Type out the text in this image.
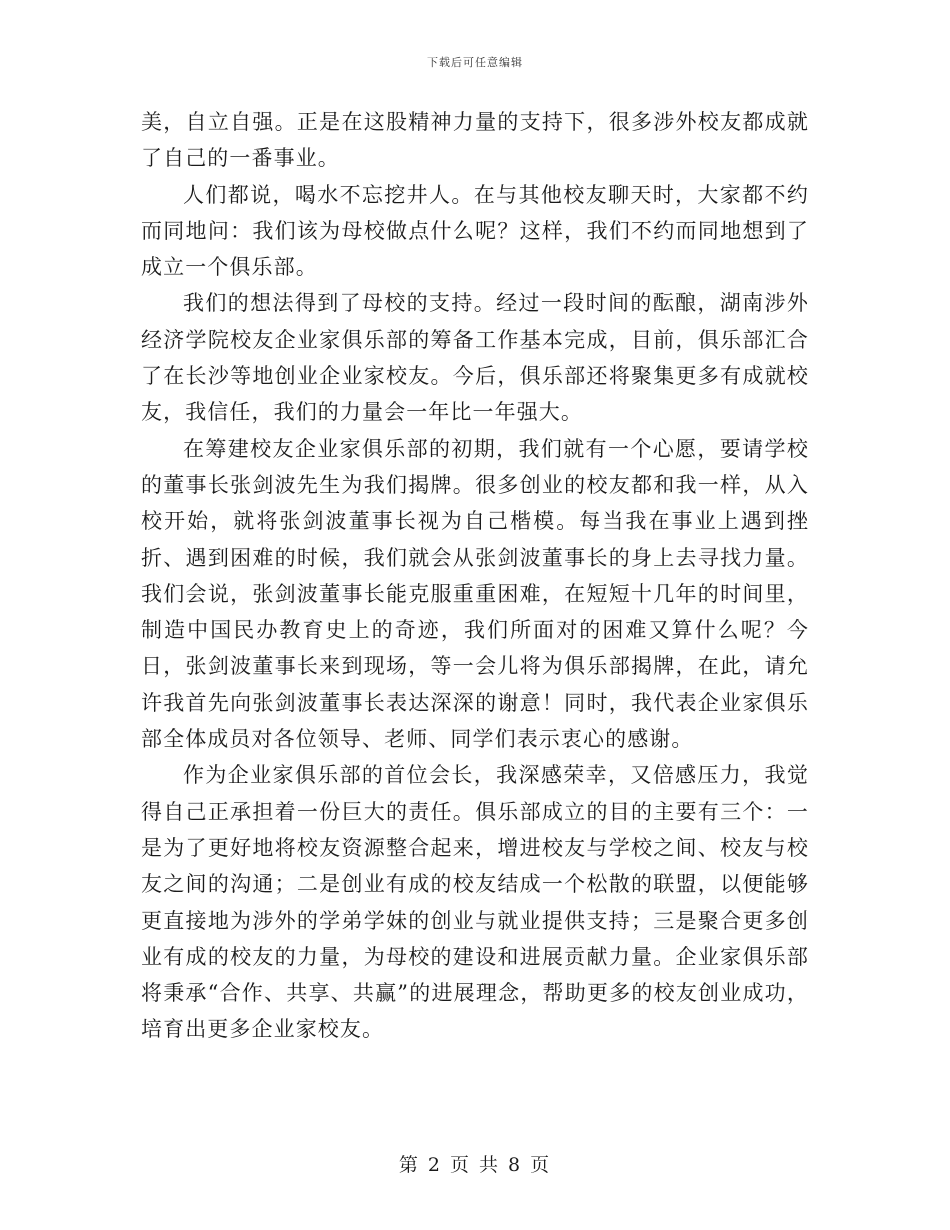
下载后可任意编辑

美，自立自强。正是在这股精神力量的支持下，很多涉外校友都成就了自己的一番事业。

人们都说，喝水不忘挖井人。在与其他校友聊天时，大家都不约而同地问：我们该为母校做点什么呢？这样，我们不约而同地想到了成立一个俱乐部。

我们的想法得到了母校的支持。经过一段时间的酝酿，湖南涉外经济学院校友企业家俱乐部的筹备工作基本完成，目前，俱乐部汇合了在长沙等地创业企业家校友。今后，俱乐部还将聚集更多有成就校友，我信任，我们的力量会一年比一年强大。

在筹建校友企业家俱乐部的初期，我们就有一个心愿，要请学校的董事长张剑波先生为我们揭牌。很多创业的校友都和我一样，从入校开始，就将张剑波董事长视为自己楷模。每当我在事业上遇到挫折、遇到困难的时候，我们就会从张剑波董事长的身上去寻找力量。我们会说，张剑波董事长能克服重重困难，在短短十几年的时间里，制造中国民办教育史上的奇迹，我们所面对的困难又算什么呢？今日，张剑波董事长来到现场，等一会儿将为俱乐部揭牌，在此，请允许我首先向张剑波董事长表达深深的谢意！同时，我代表企业家俱乐部全体成员对各位领导、老师、同学们表示衷心的感谢。

作为企业家俱乐部的首位会长，我深感荣幸，又倍感压力，我觉得自己正承担着一份巨大的责任。俱乐部成立的目的主要有三个：一是为了更好地将校友资源整合起来，增进校友与学校之间、校友与校友之间的沟通；二是创业有成的校友结成一个松散的联盟，以便能够更直接地为涉外的学弟学妹的创业与就业提供支持；三是聚合更多创业有成的校友的力量，为母校的建设和进展贡献力量。企业家俱乐部将秉承“合作、共享、共赢”的进展理念，帮助更多的校友创业成功，培育出更多企业家校友。

第 2 页 共 8 页
